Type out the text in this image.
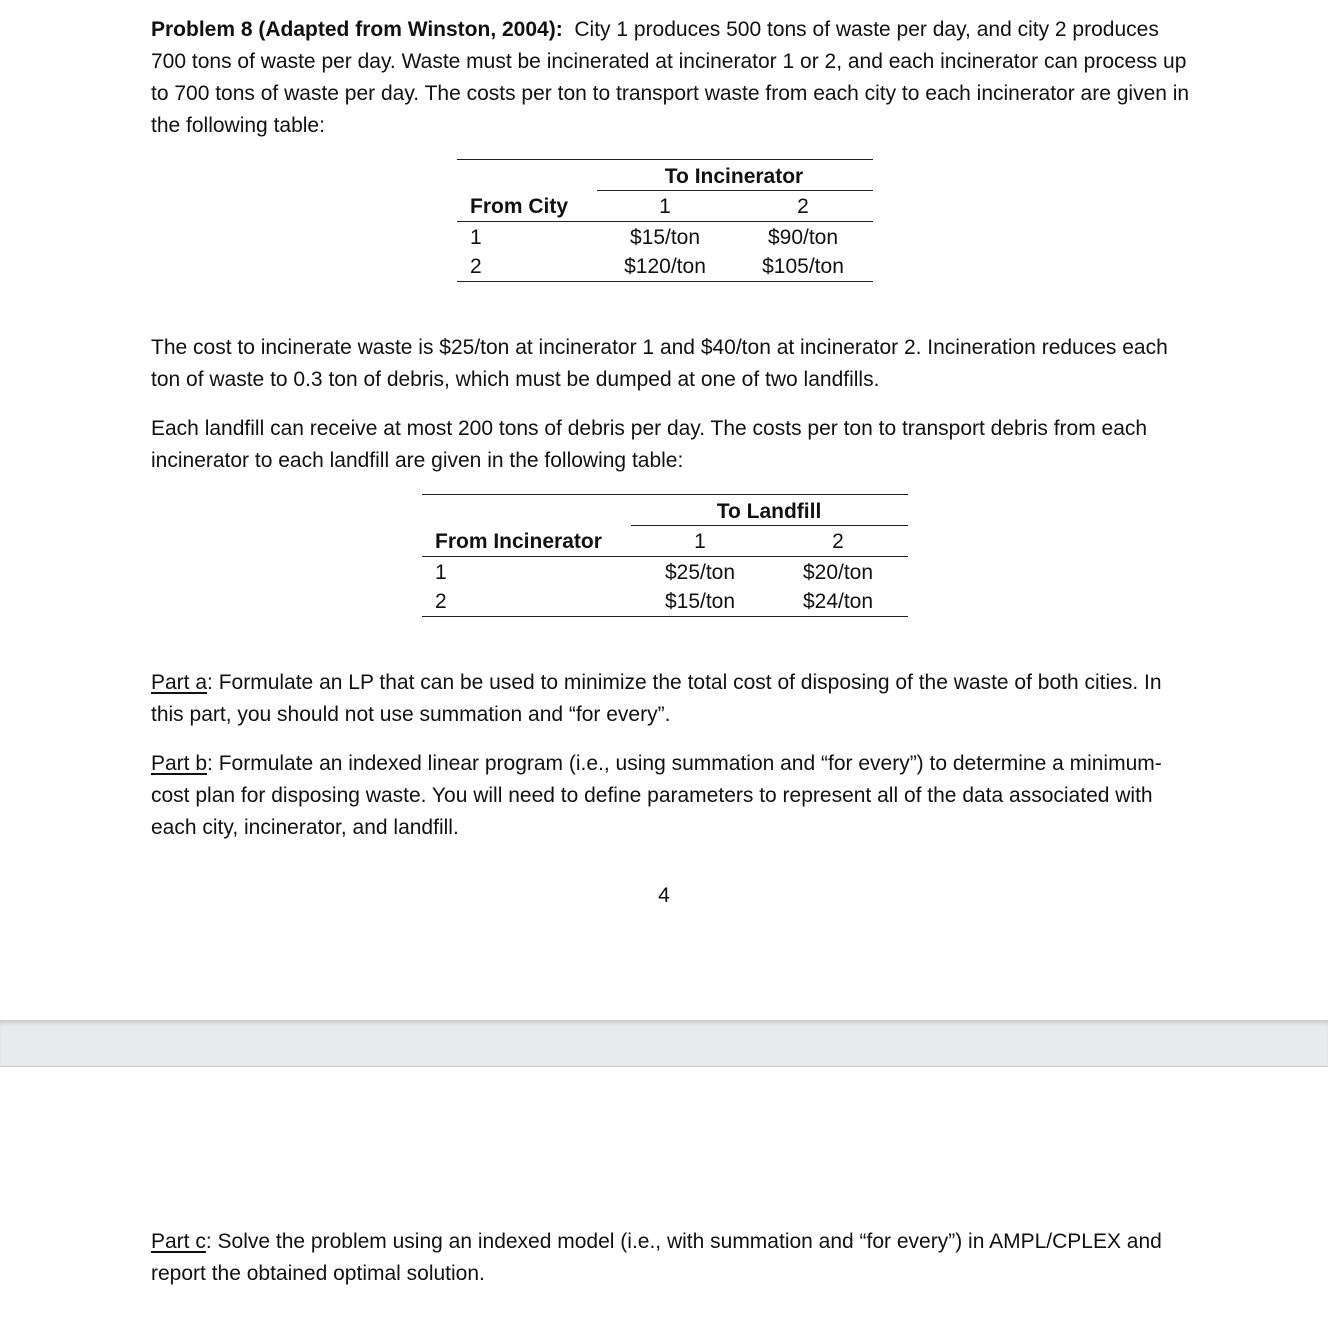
Problem 8 (Adapted from Winston, 2004): City 1 produces 500 tons of waste per day, and city 2 produces 700 tons of waste per day. Waste must be incinerated at incinerator 1 or 2, and each incinerator can process up to 700 tons of waste per day. The costs per ton to transport waste from each city to each incinerator are given in the following table:

To Incinerator
From City	1	2
1	$15/ton	$90/ton
2	$120/ton	$105/ton

The cost to incinerate waste is $25/ton at incinerator 1 and $40/ton at incinerator 2. Incineration reduces each ton of waste to 0.3 ton of debris, which must be dumped at one of two landfills.

Each landfill can receive at most 200 tons of debris per day. The costs per ton to transport debris from each incinerator to each landfill are given in the following table:

To Landfill
From Incinerator	1	2
1	$25/ton	$20/ton
2	$15/ton	$24/ton

Part a: Formulate an LP that can be used to minimize the total cost of disposing of the waste of both cities. In this part, you should not use summation and “for every”.

Part b: Formulate an indexed linear program (i.e., using summation and “for every”) to determine a minimum-cost plan for disposing waste. You will need to define parameters to represent all of the data associated with each city, incinerator, and landfill.

4

Part c: Solve the problem using an indexed model (i.e., with summation and “for every”) in AMPL/CPLEX and report the obtained optimal solution.
